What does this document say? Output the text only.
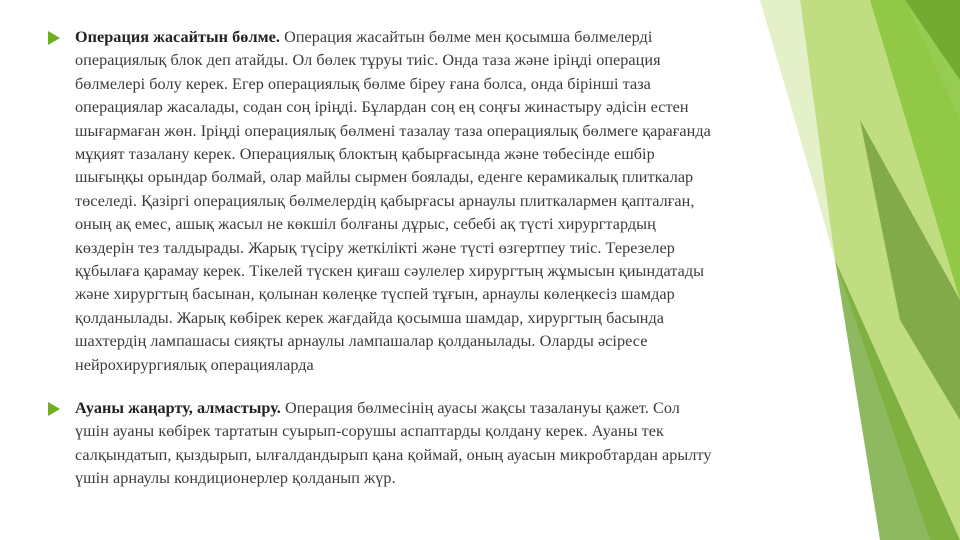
Операция жасайтын бөлме. Операция жасайтын бөлме мен қосымша бөлмелерді
операциялық блок деп атайды. Ол бөлек тұруы тиіс. Онда таза және іріңді операция
бөлмелері болу керек. Егер операциялық бөлме біреу ғана болса, онда бірінші таза
операциялар жасалады, содан соң іріңді. Бұлардан соң ең соңғы жинастыру әдісін естен
шығармаған жөн. Іріңді операциялық бөлмені тазалау таза операциялық бөлмеге қарағанда
мұқият тазалану керек. Операциялық блоктың қабырғасында және төбесінде ешбір
шығыңқы орындар болмай, олар майлы сырмен боялады, еденге керамикалық плиткалар
төселеді. Қазіргі операциялық бөлмелердің қабырғасы арнаулы плиткалармен қапталған,
оның ақ емес, ашық жасыл не көкшіл болғаны дұрыс, себебі ақ түсті хирургтардың
көздерін тез талдырады. Жарық түсіру жеткілікті және түсті өзгертпеу тиіс. Терезелер
құбылаға қарамау керек. Тікелей түскен қиғаш сәулелер хирургтың жұмысын қиындатады
және хирургтың басынан, қолынан көлеңке түспей тұғын, арнаулы көлеңкесіз шамдар
қолданылады. Жарық көбірек керек жағдайда қосымша шамдар, хирургтың басында
шахтердің лампашасы сияқты арнаулы лампашалар қолданылады. Оларды әсіресе
нейрохирургиялық операцияларда

Ауаны жаңарту, алмастыру. Операция бөлмесінің ауасы жақсы тазалануы қажет. Сол
үшін ауаны көбірек тартатын суырып-сорушы аспаптарды қолдану керек. Ауаны тек
салқындатып, қыздырып, ылғалдандырып қана қоймай, оның ауасын микробтардан арылту
үшін арнаулы кондиционерлер қолданып жүр.
